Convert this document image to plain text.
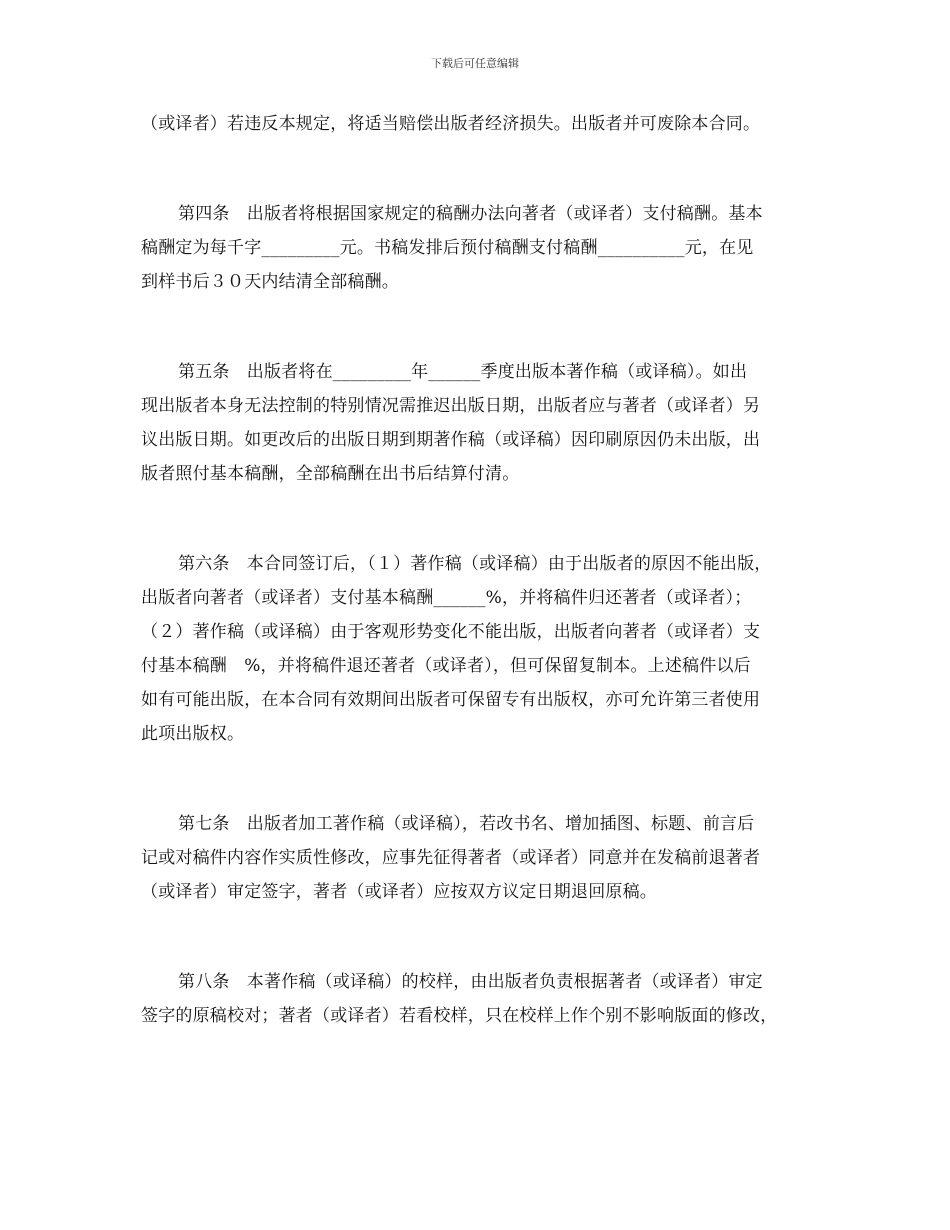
下载后可任意编辑
（或译者）若违反本规定，将适当赔偿出版者经济损失。出版者并可废除本合同。
第四条　出版者将根据国家规定的稿酬办法向著者（或译者）支付稿酬。基本
稿酬定为每千字_________元。书稿发排后预付稿酬支付稿酬__________元，在见
到样书后３０天内结清全部稿酬。
第五条　出版者将在_________年______季度出版本著作稿（或译稿）。如出
现出版者本身无法控制的特别情况需推迟出版日期，出版者应与著者（或译者）另
议出版日期。如更改后的出版日期到期著作稿（或译稿）因印刷原因仍未出版，出
版者照付基本稿酬，全部稿酬在出书后结算付清。
第六条　本合同签订后，（１）著作稿（或译稿）由于出版者的原因不能出版，
出版者向著者（或译者）支付基本稿酬______%，并将稿件归还著者（或译者）；
（２）著作稿（或译稿）由于客观形势变化不能出版，出版者向著者（或译者）支
付基本稿酬　%，并将稿件退还著者（或译者），但可保留复制本。上述稿件以后
如有可能出版，在本合同有效期间出版者可保留专有出版权，亦可允许第三者使用
此项出版权。
第七条　出版者加工著作稿（或译稿），若改书名、增加插图、标题、前言后
记或对稿件内容作实质性修改，应事先征得著者（或译者）同意并在发稿前退著者
（或译者）审定签字，著者（或译者）应按双方议定日期退回原稿。
第八条　本著作稿（或译稿）的校样，由出版者负责根据著者（或译者）审定
签字的原稿校对；著者（或译者）若看校样，只在校样上作个别不影响版面的修改，
